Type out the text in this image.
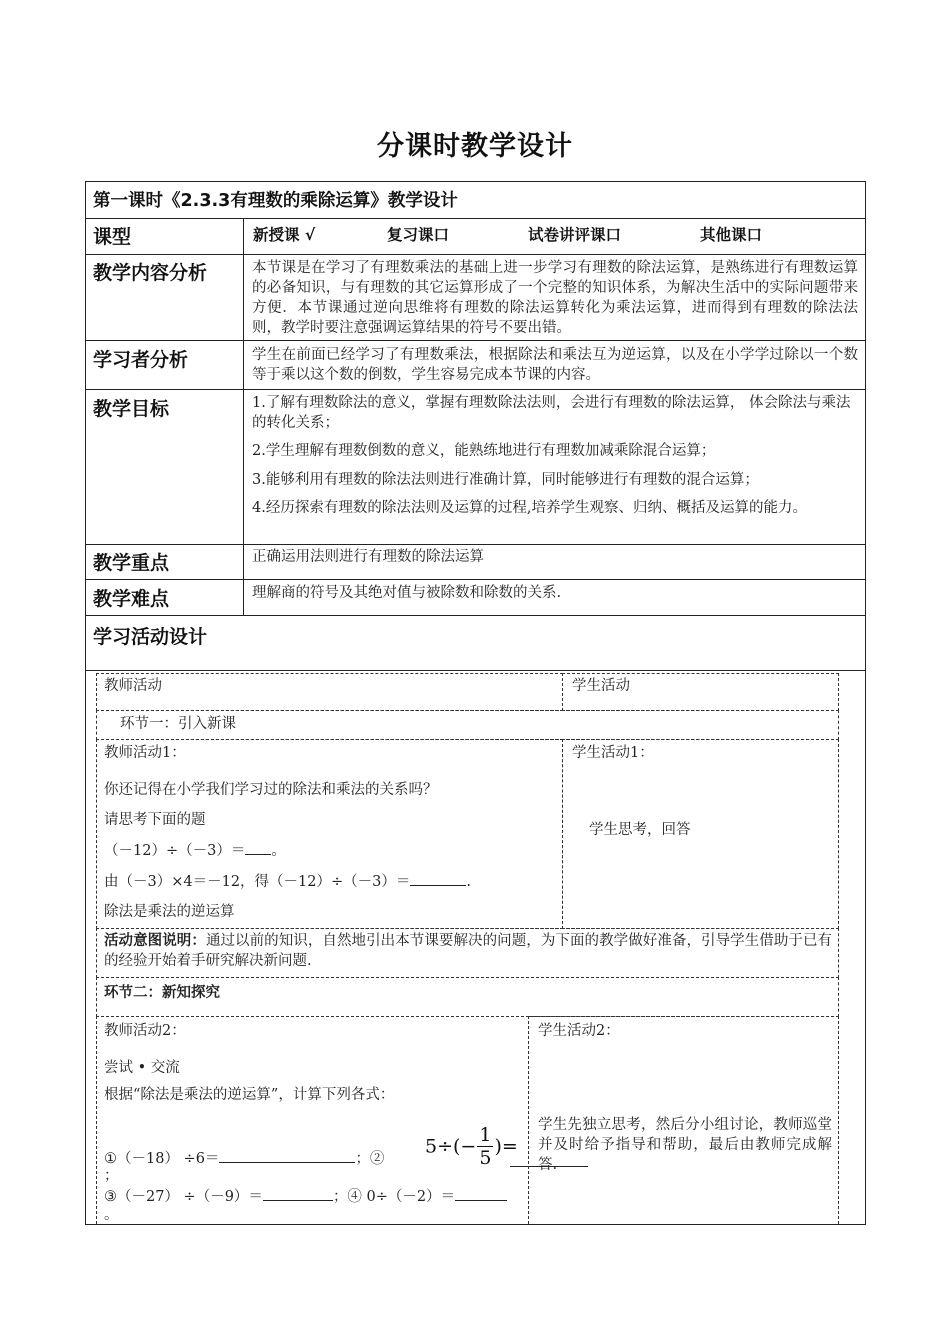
分课时教学设计
第一课时《2.3.3有理数的乘除运算》教学设计
课型	新授课 √	复习课口	试卷讲评课口	其他课口
教学内容分析	本节课是在学习了有理数乘法的基础上进一步学习有理数的除法运算，是熟练进行有理数运算的必备知识，与有理数的其它运算形成了一个完整的知识体系，为解决生活中的实际问题带来方便．本节课通过逆向思维将有理数的除法运算转化为乘法运算，进而得到有理数的除法法则，教学时要注意强调运算结果的符号不要出错。
学习者分析	学生在前面已经学习了有理数乘法，根据除法和乘法互为逆运算，以及在小学学过除以一个数等于乘以这个数的倒数，学生容易完成本节课的内容。
教学目标	1.了解有理数除法的意义，掌握有理数除法法则，会进行有理数的除法运算， 体会除法与乘法的转化关系；
2.学生理解有理数倒数的意义，能熟练地进行有理数加减乘除混合运算；
3.能够利用有理数的除法法则进行准确计算，同时能够进行有理数的混合运算；
4.经历探索有理数的除法法则及运算的过程,培养学生观察、归纳、概括及运算的能力。
教学重点	正确运用法则进行有理数的除法运算
教学难点	理解商的符号及其绝对值与被除数和除数的关系.
学习活动设计
教师活动	学生活动
环节一：引入新课
教师活动1：
你还记得在小学我们学习过的除法和乘法的关系吗？
请思考下面的题
（－12）÷（－3）＝ 。
由（－3）×4＝－12，得（－12）÷（－3）＝	.
除法是乘法的逆运算
学生活动1：
学生思考，回答
活动意图说明：通过以前的知识，自然地引出本节课要解决的问题，为下面的教学做好准备，引导学生借助于已有的经验开始着手研究解决新问题.
环节二：新知探究
教师活动2：
尝试 • 交流
根据“除法是乘法的逆运算”，计算下列各式：
①（－18） ÷6＝	；②
$5\div(- \frac{1}{5}$ )=
；
③（－27） ÷（－9）＝	；④ 0÷（－2）＝
。
学生活动2：
学生先独立思考，然后分小组讨论，教师巡堂并及时给予指导和帮助，最后由教师完成解答.
